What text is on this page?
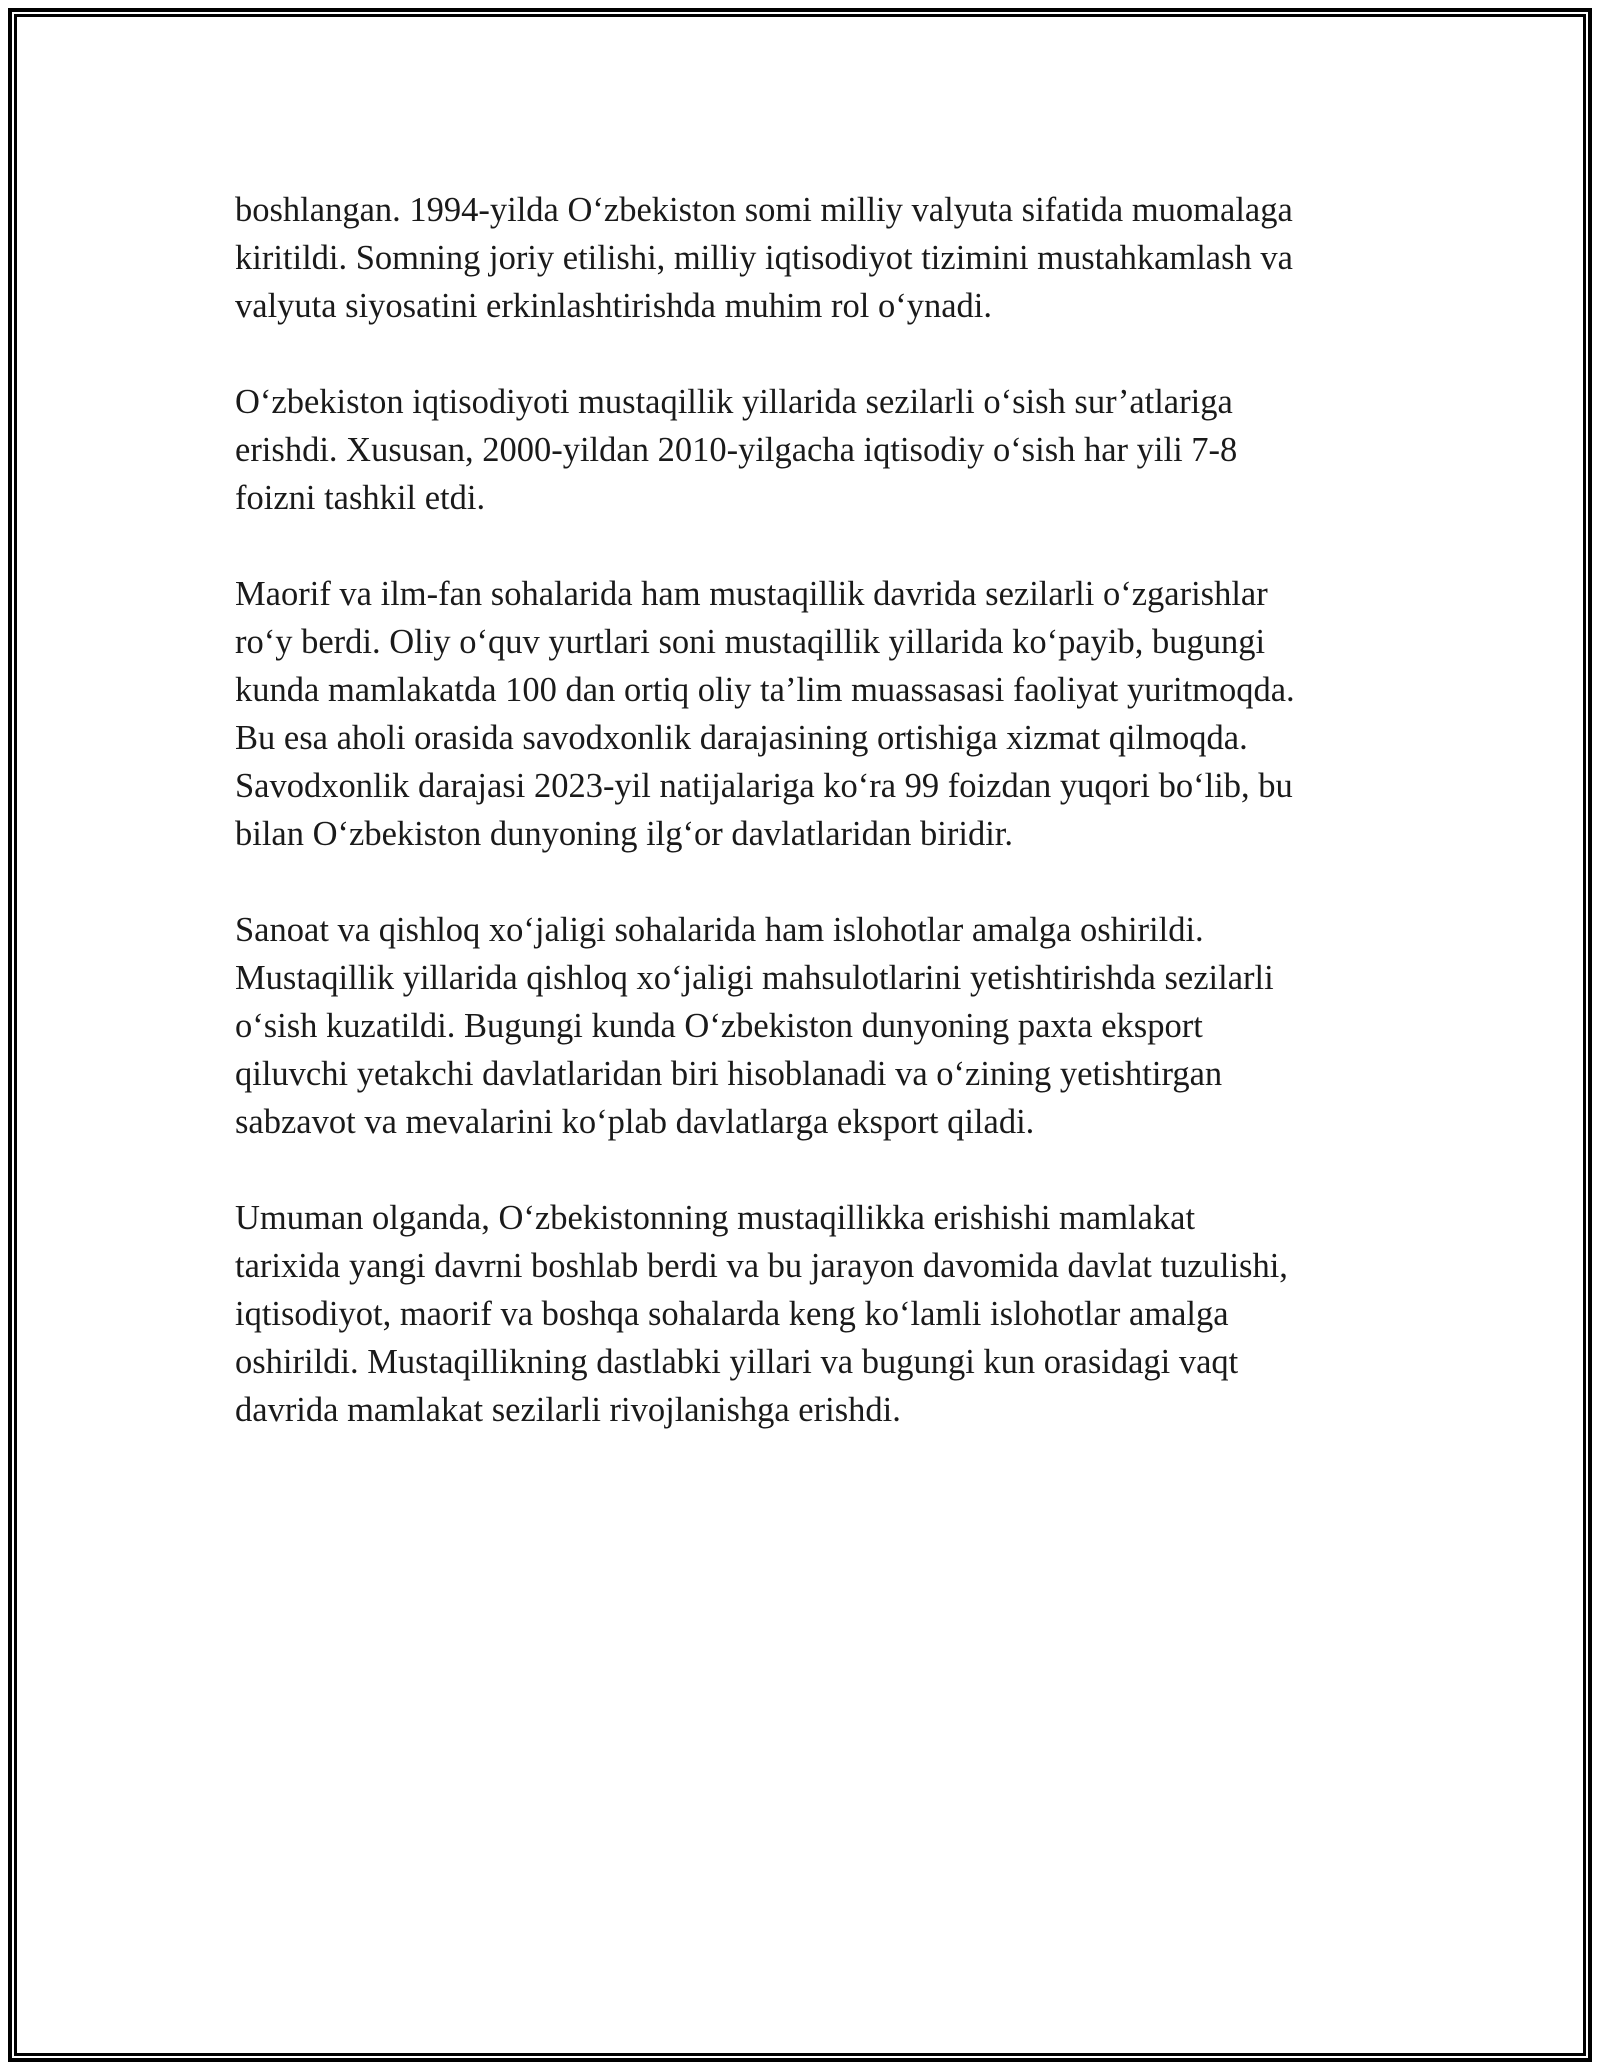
boshlangan. 1994-yilda O‘zbekiston somi milliy valyuta sifatida muomalaga
kiritildi. Somning joriy etilishi, milliy iqtisodiyot tizimini mustahkamlash va
valyuta siyosatini erkinlashtirishda muhim rol o‘ynadi.

O‘zbekiston iqtisodiyoti mustaqillik yillarida sezilarli o‘sish sur’atlariga
erishdi. Xususan, 2000-yildan 2010-yilgacha iqtisodiy o‘sish har yili 7-8
foizni tashkil etdi.

Maorif va ilm-fan sohalarida ham mustaqillik davrida sezilarli o‘zgarishlar
ro‘y berdi. Oliy o‘quv yurtlari soni mustaqillik yillarida ko‘payib, bugungi
kunda mamlakatda 100 dan ortiq oliy ta’lim muassasasi faoliyat yuritmoqda.
Bu esa aholi orasida savodxonlik darajasining ortishiga xizmat qilmoqda.
Savodxonlik darajasi 2023-yil natijalariga ko‘ra 99 foizdan yuqori bo‘lib, bu
bilan O‘zbekiston dunyoning ilg‘or davlatlaridan biridir.

Sanoat va qishloq xo‘jaligi sohalarida ham islohotlar amalga oshirildi.
Mustaqillik yillarida qishloq xo‘jaligi mahsulotlarini yetishtirishda sezilarli
o‘sish kuzatildi. Bugungi kunda O‘zbekiston dunyoning paxta eksport
qiluvchi yetakchi davlatlaridan biri hisoblanadi va o‘zining yetishtirgan
sabzavot va mevalarini ko‘plab davlatlarga eksport qiladi.

Umuman olganda, O‘zbekistonning mustaqillikka erishishi mamlakat
tarixida yangi davrni boshlab berdi va bu jarayon davomida davlat tuzulishi,
iqtisodiyot, maorif va boshqa sohalarda keng ko‘lamli islohotlar amalga
oshirildi. Mustaqillikning dastlabki yillari va bugungi kun orasidagi vaqt
davrida mamlakat sezilarli rivojlanishga erishdi.
